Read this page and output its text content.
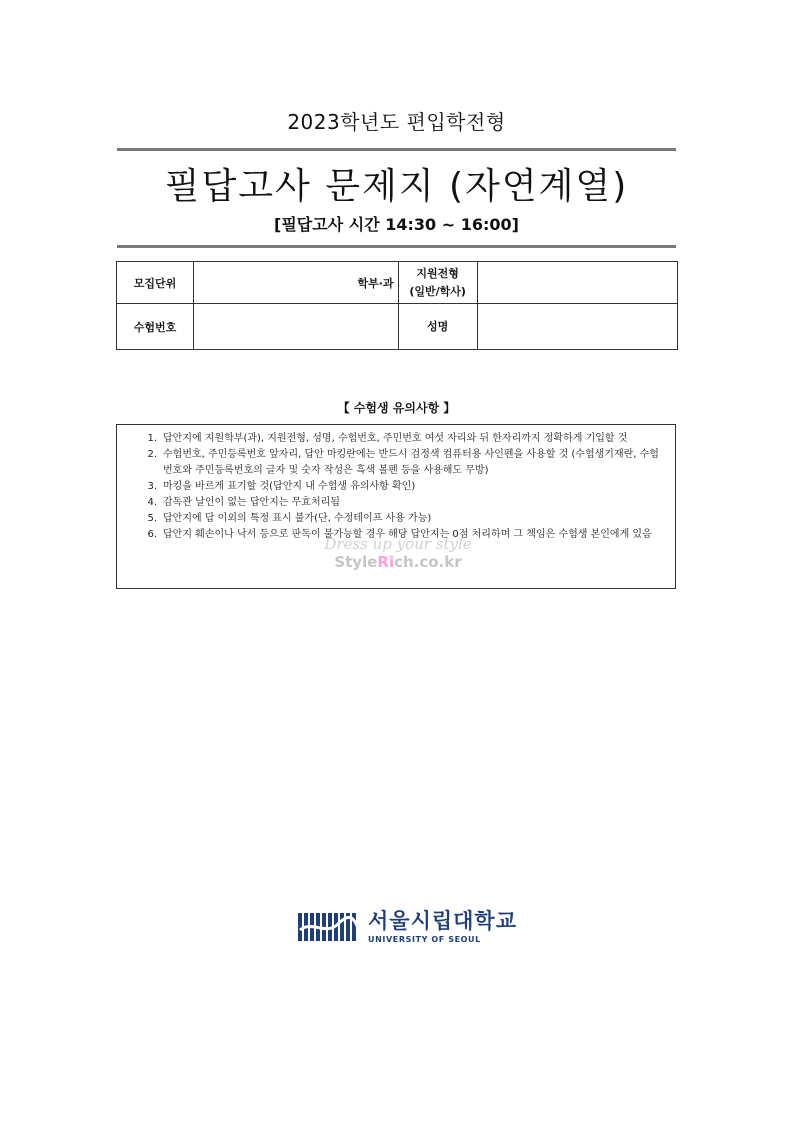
2023학년도 편입학전형
필답고사 문제지 (자연계열)
[필답고사 시간 14:30 ~ 16:00]
모집단위	학부·과	지원전형
(일반/학사)	
수험번호		성명	
【 수험생 유의사항 】
1. 답안지에 지원학부(과), 지원전형, 성명, 수험번호, 주민번호 여섯 자리와 뒤 한자리까지 정확하게 기입할 것
2. 수험번호, 주민등록번호 앞자리, 답안 마킹란에는 반드시 검정색 컴퓨터용 사인펜을 사용할 것 (수험생기재란, 수험번호와 주민등록번호의 글자 및 숫자 작성은 흑색 볼펜 등을 사용해도 무방)
3. 마킹을 바르게 표기할 것(답안지 내 수험생 유의사항 확인)
4. 감독관 날인이 없는 답안지는 무효처리됨
5. 답안지에 답 이외의 특정 표시 불가(단, 수정테이프 사용 가능)
6. 답안지 훼손이나 낙서 등으로 판독이 불가능할 경우 해당 답안지는 0점 처리하며 그 책임은 수험생 본인에게 있음
Dress up your style
StyleRich.co.kr
서울시립대학교
UNIVERSITY OF SEOUL
